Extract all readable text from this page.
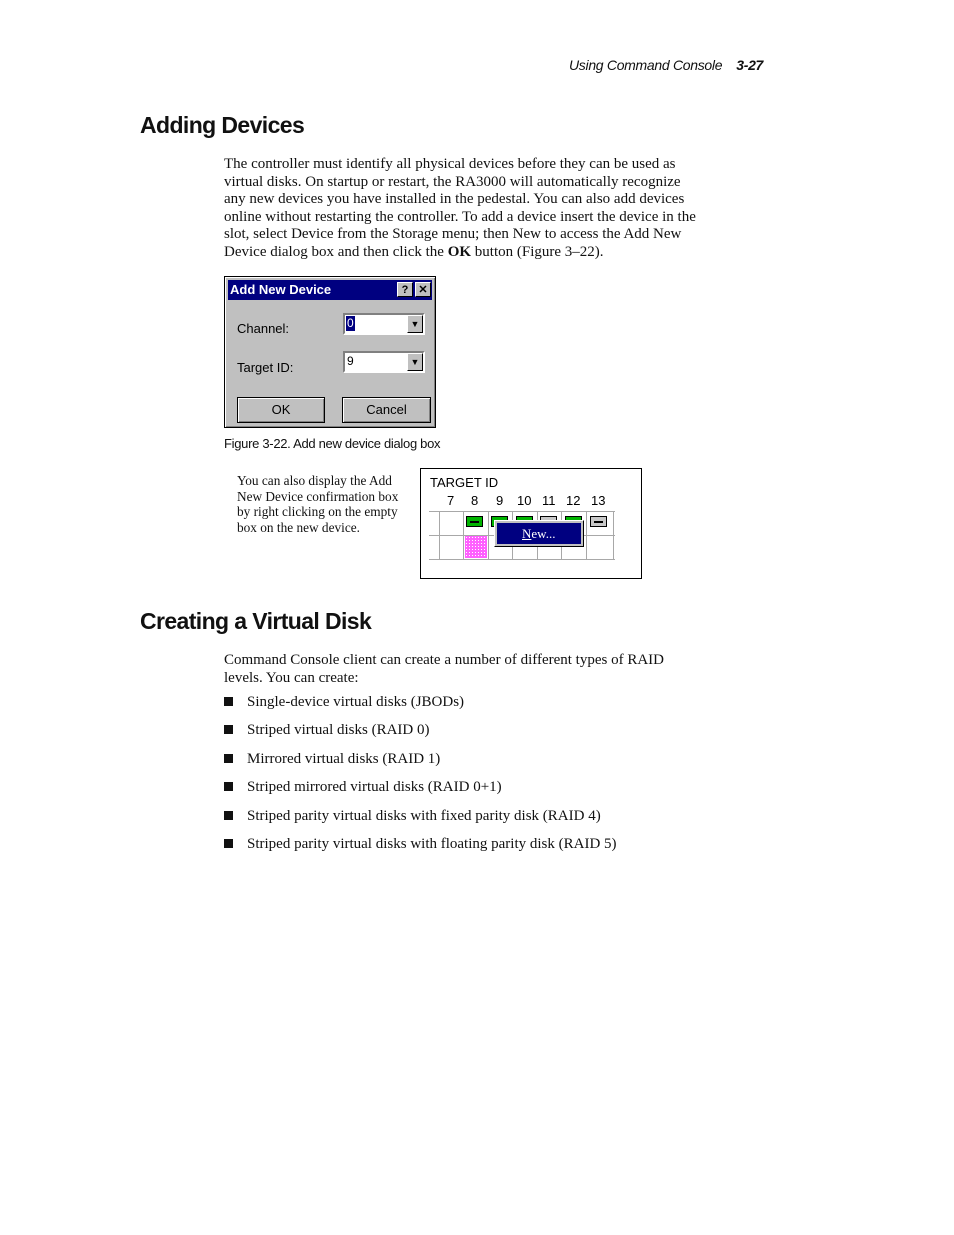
Using Command Console 3-27
Adding Devices
The controller must identify all physical devices before they can be used as
virtual disks. On startup or restart, the RA3000 will automatically recognize
any new devices you have installed in the pedestal. You can also add devices
online without restarting the controller. To add a device insert the device in the
slot, select Device from the Storage menu; then New to access the Add New
Device dialog box and then click the OK button (Figure 3–22).
Add New Device	? ✕
Channel:	0	▼
Target ID:	9	▼
OK	Cancel
Figure 3-22. Add new device dialog box
You can also display the Add
New Device confirmation box
by right clicking on the empty
box on the new device.
TARGET ID
7 8 9 10 11 12 13
New...
Creating a Virtual Disk
Command Console client can create a number of different types of RAID
levels. You can create:
Single-device virtual disks (JBODs)
Striped virtual disks (RAID 0)
Mirrored virtual disks (RAID 1)
Striped mirrored virtual disks (RAID 0+1)
Striped parity virtual disks with fixed parity disk (RAID 4)
Striped parity virtual disks with floating parity disk (RAID 5)
